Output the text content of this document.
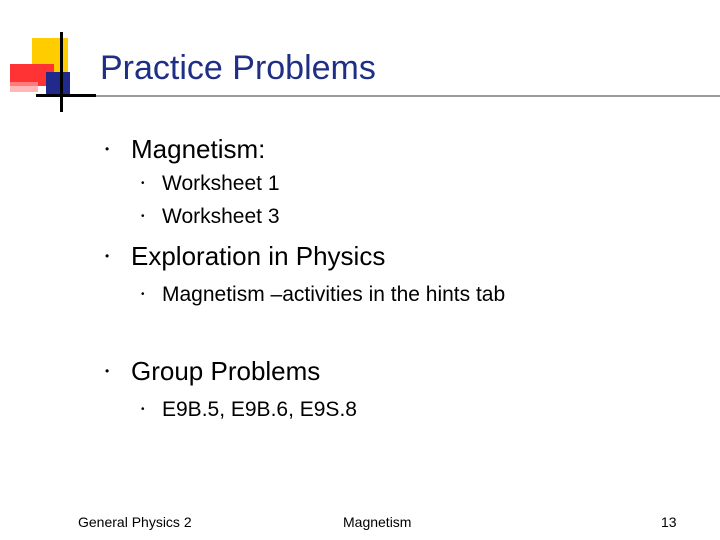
Practice Problems
• Magnetism:
• Worksheet 1
• Worksheet 3
• Exploration in Physics
• Magnetism –activities in the hints tab
• Group Problems
• E9B.5, E9B.6, E9S.8
General Physics 2	Magnetism	13
